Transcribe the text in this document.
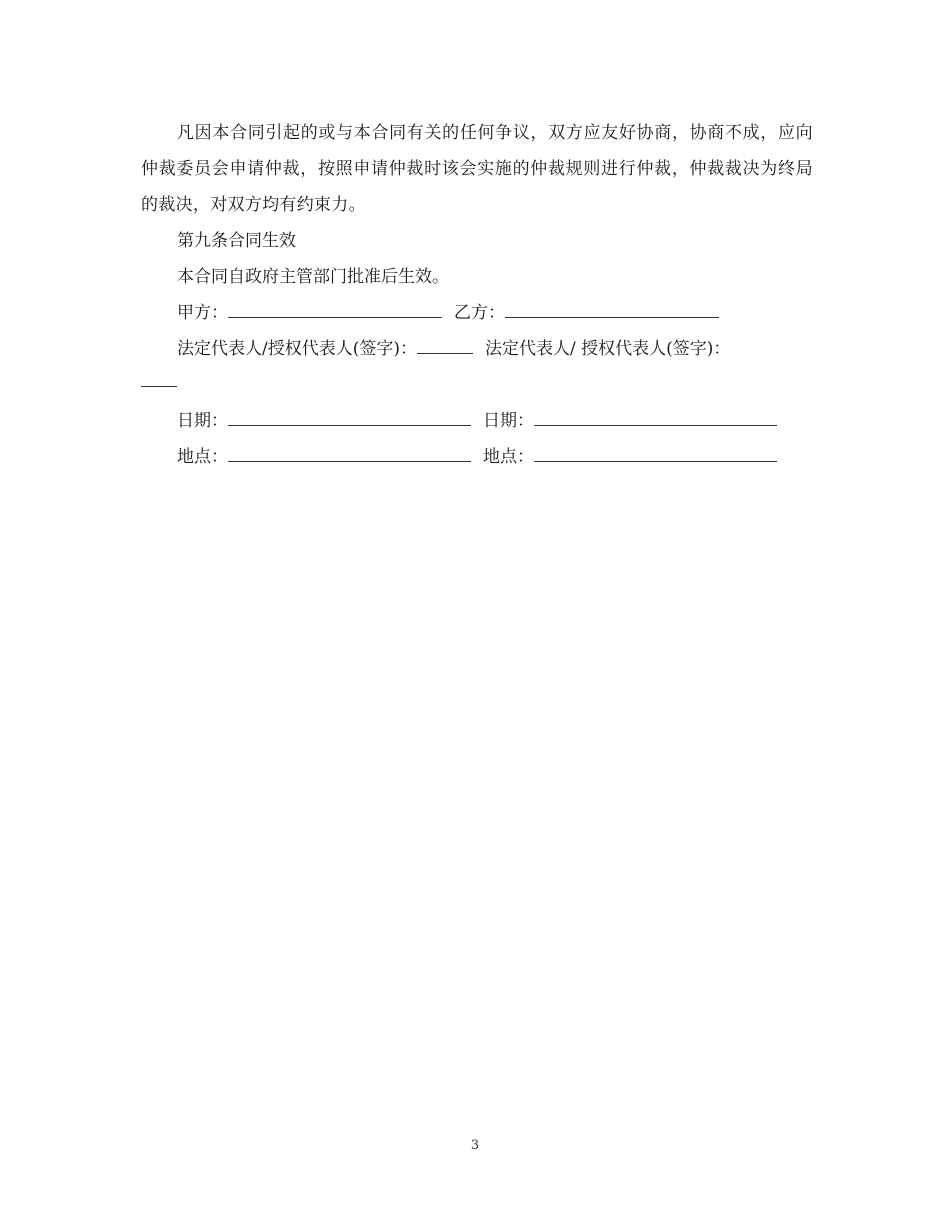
凡因本合同引起的或与本合同有关的任何争议，双方应友好协商，协商不成，应向仲裁委员会申请仲裁，按照申请仲裁时该会实施的仲裁规则进行仲裁，仲裁裁决为终局的裁决，对双方均有约束力。

第九条合同生效

本合同自政府主管部门批准后生效。

甲方：	乙方：

法定代表人/授权代表人(签字)：	法定代表人/ 授权代表人(签字)：

日期：	日期：

地点：	地点：

3
